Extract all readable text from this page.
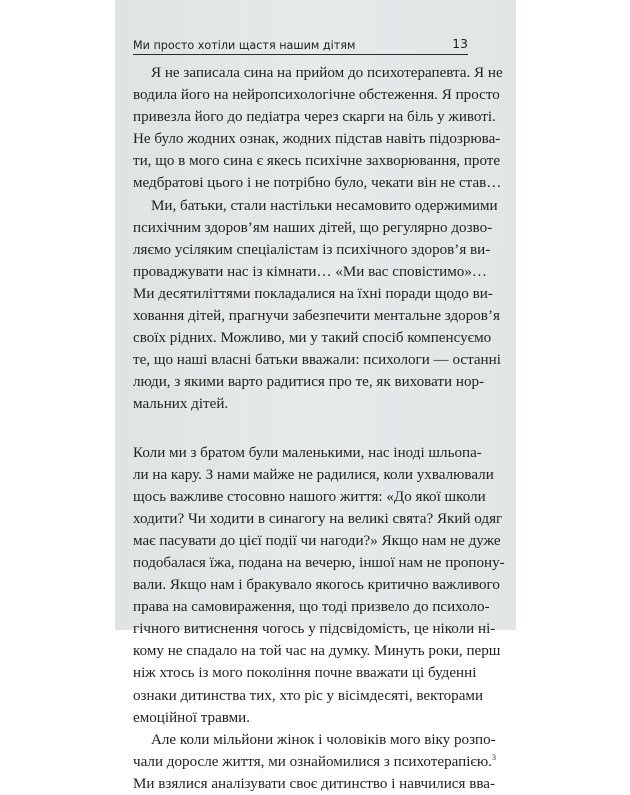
Ми просто хотіли щастя нашим дітям	13
Я не записала сина на прийом до психотерапевта. Я не
водила його на нейропсихологічне обстеження. Я просто
привезла його до педіатра через скарги на біль у животі.
Не було жодних ознак, жодних підстав навіть підозрюва-
ти, що в мого сина є якесь психічне захворювання, проте
медбратові цього і не потрібно було, чекати він не став…
Ми, батьки, стали настільки несамовито одержимими
психічним здоров’ям наших дітей, що регулярно дозво-
ляємо усіляким спеціалістам із психічного здоров’я ви-
проваджувати нас із кімнати… «Ми вас сповістимо»…
Ми десятиліттями покладалися на їхні поради щодо ви-
ховання дітей, прагнучи забезпечити ментальне здоров’я
своїх рідних. Можливо, ми у такий спосіб компенсуємо
те, що наші власні батьки вважали: психологи — останні
люди, з якими варто радитися про те, як виховати нор-
мальних дітей.
Коли ми з братом були маленькими, нас іноді шльопа-
ли на кару. З нами майже не радилися, коли ухвалювали
щось важливе стосовно нашого життя: «До якої школи
ходити? Чи ходити в синагогу на великі свята? Який одяг
має пасувати до цієї події чи нагоди?» Якщо нам не дуже
подобалася їжа, подана на вечерю, іншої нам не пропону-
вали. Якщо нам і бракувало якогось критично важливого
права на самовираження, що тоді призвело до психоло-
гічного витиснення чогось у підсвідомість, це ніколи ні-
кому не спадало на той час на думку. Минуть роки, перш
ніж хтось із мого покоління почне вважати ці буденні
ознаки дитинства тих, хто ріс у вісімдесяті, векторами
емоційної травми.
Але коли мільйони жінок і чоловіків мого віку розпо-
чали доросле життя, ми ознайомилися з психотерапією.$^3$
Ми взялися аналізувати своє дитинство і навчилися вва-
